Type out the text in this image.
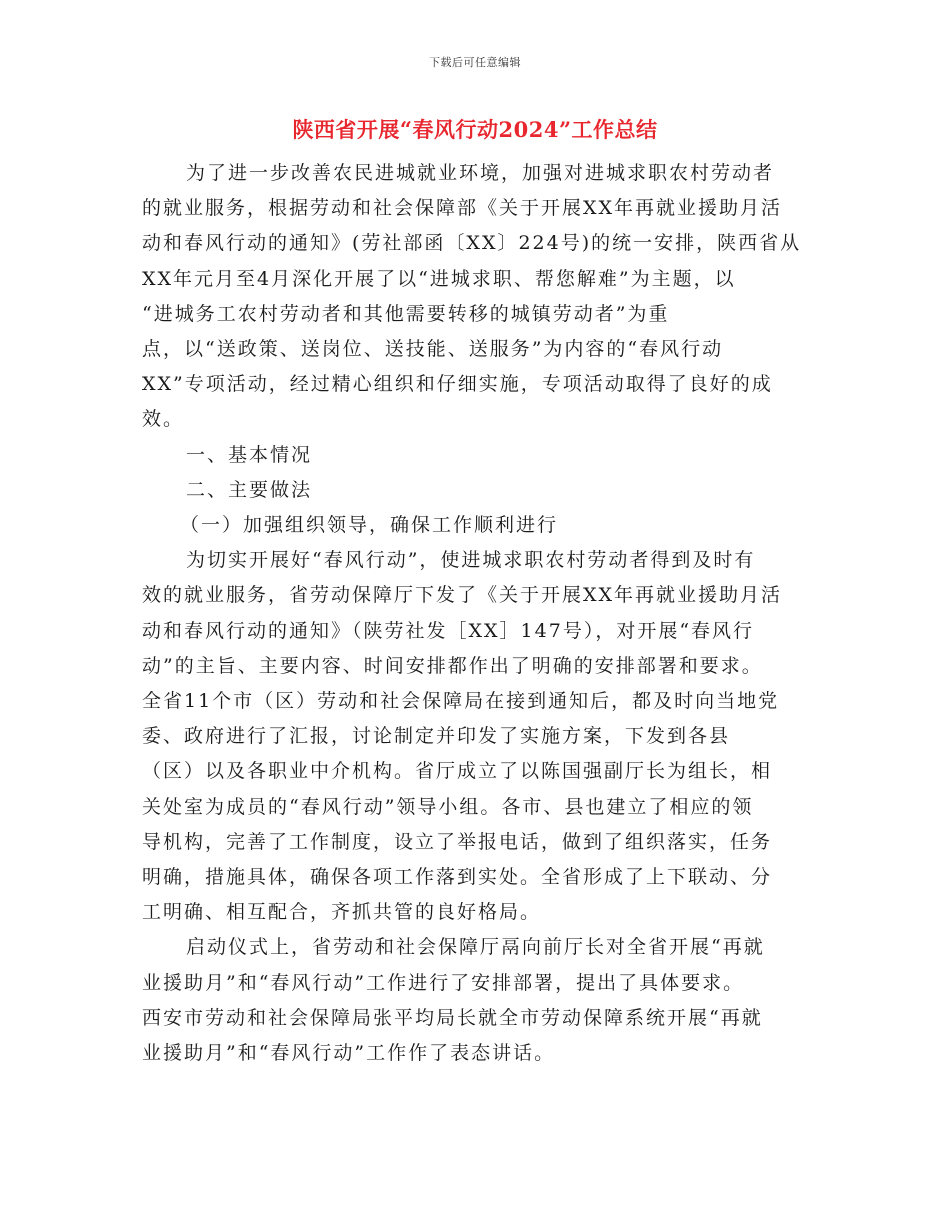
下载后可任意编辑
陕西省开展“春风行动2024”工作总结
为了进一步改善农民进城就业环境，加强对进城求职农村劳动者
的就业服务，根据劳动和社会保障部《关于开展XX年再就业援助月活
动和春风行动的通知》(劳社部函〔XX〕224号)的统一安排，陕西省从
XX年元月至4月深化开展了以“进城求职、帮您解难”为主题，以
“进城务工农村劳动者和其他需要转移的城镇劳动者”为重
点，以“送政策、送岗位、送技能、送服务”为内容的“春风行动
XX”专项活动，经过精心组织和仔细实施，专项活动取得了良好的成
效。
一、基本情况
二、主要做法
（一）加强组织领导，确保工作顺利进行
为切实开展好“春风行动”，使进城求职农村劳动者得到及时有
效的就业服务，省劳动保障厅下发了《关于开展XX年再就业援助月活
动和春风行动的通知》（陕劳社发［XX］147号），对开展“春风行
动”的主旨、主要内容、时间安排都作出了明确的安排部署和要求。
全省11个市（区）劳动和社会保障局在接到通知后，都及时向当地党
委、政府进行了汇报，讨论制定并印发了实施方案，下发到各县
（区）以及各职业中介机构。省厅成立了以陈国强副厅长为组长，相
关处室为成员的“春风行动”领导小组。各市、县也建立了相应的领
导机构，完善了工作制度，设立了举报电话，做到了组织落实，任务
明确，措施具体，确保各项工作落到实处。全省形成了上下联动、分
工明确、相互配合，齐抓共管的良好格局。
启动仪式上，省劳动和社会保障厅鬲向前厅长对全省开展“再就
业援助月”和“春风行动”工作进行了安排部署，提出了具体要求。
西安市劳动和社会保障局张平均局长就全市劳动保障系统开展“再就
业援助月”和“春风行动”工作作了表态讲话。
